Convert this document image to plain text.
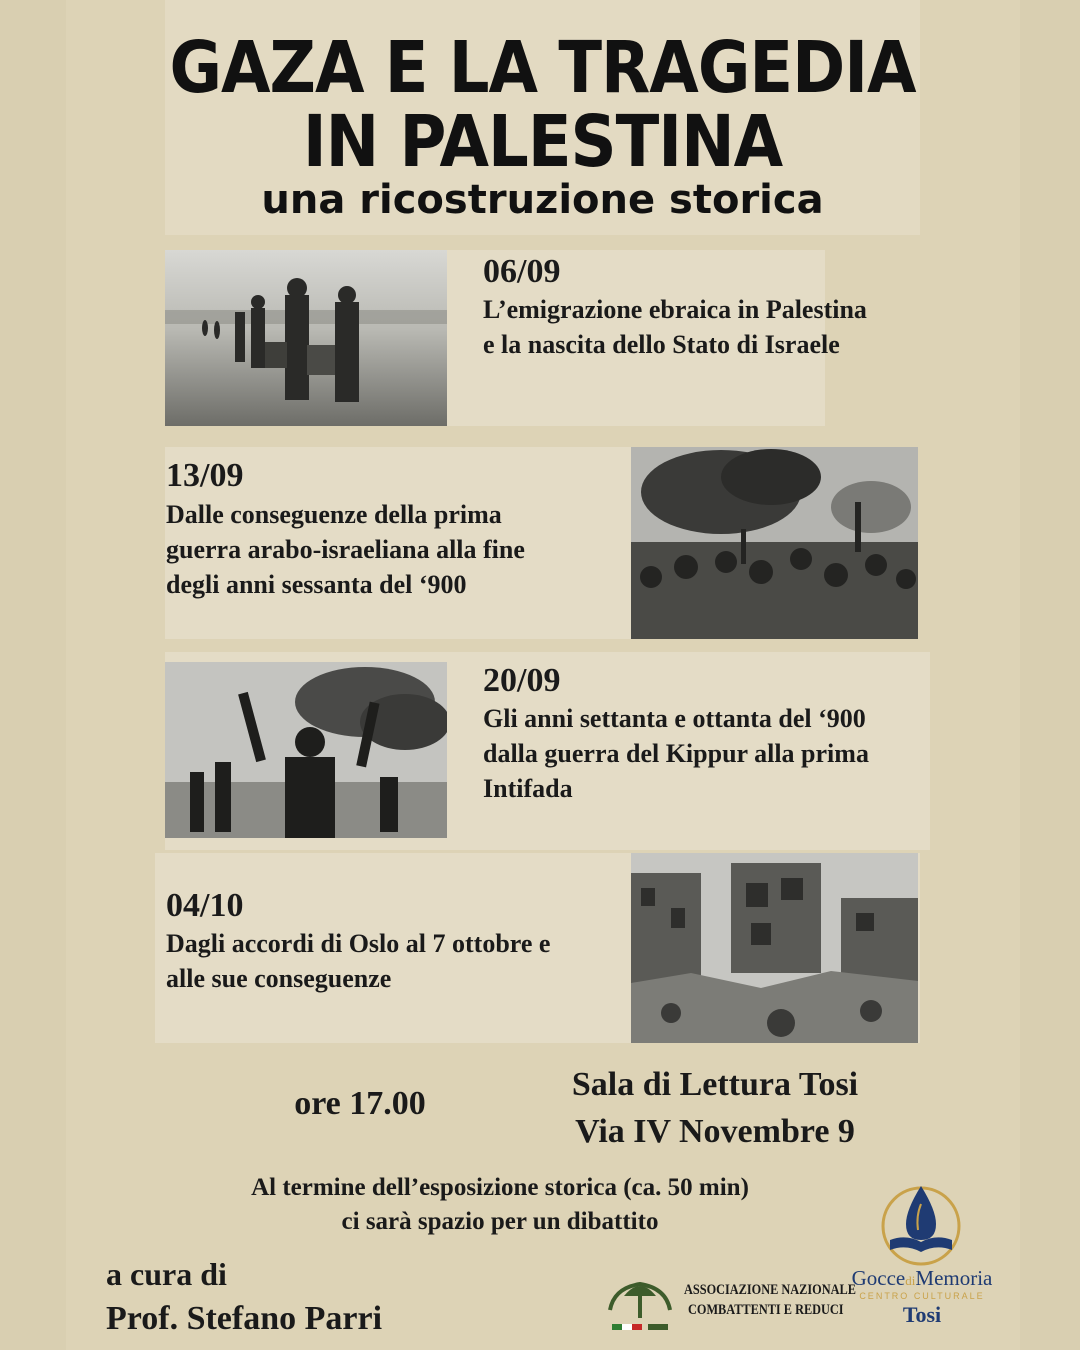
GAZA E LA TRAGEDIA
IN PALESTINA
una ricostruzione storica
06/09
L’emigrazione ebraica in Palestina
e la nascita dello Stato di Israele
13/09
Dalle conseguenze della prima
guerra arabo-israeliana alla fine
degli anni sessanta del ‘900
20/09
Gli anni settanta e ottanta del ‘900
dalla guerra del Kippur alla prima
Intifada
04/10
Dagli accordi di Oslo al 7 ottobre e
alle sue conseguenze
ore 17.00
Sala di Lettura Tosi
Via IV Novembre 9
Al termine dell’esposizione storica (ca. 50 min)
ci sarà spazio per un dibattito
a cura di
Prof. Stefano Parri
ASSOCIAZIONE NAZIONALE
COMBATTENTI E REDUCI
GoccediMemoria
CENTRO CULTURALE
Tosi
